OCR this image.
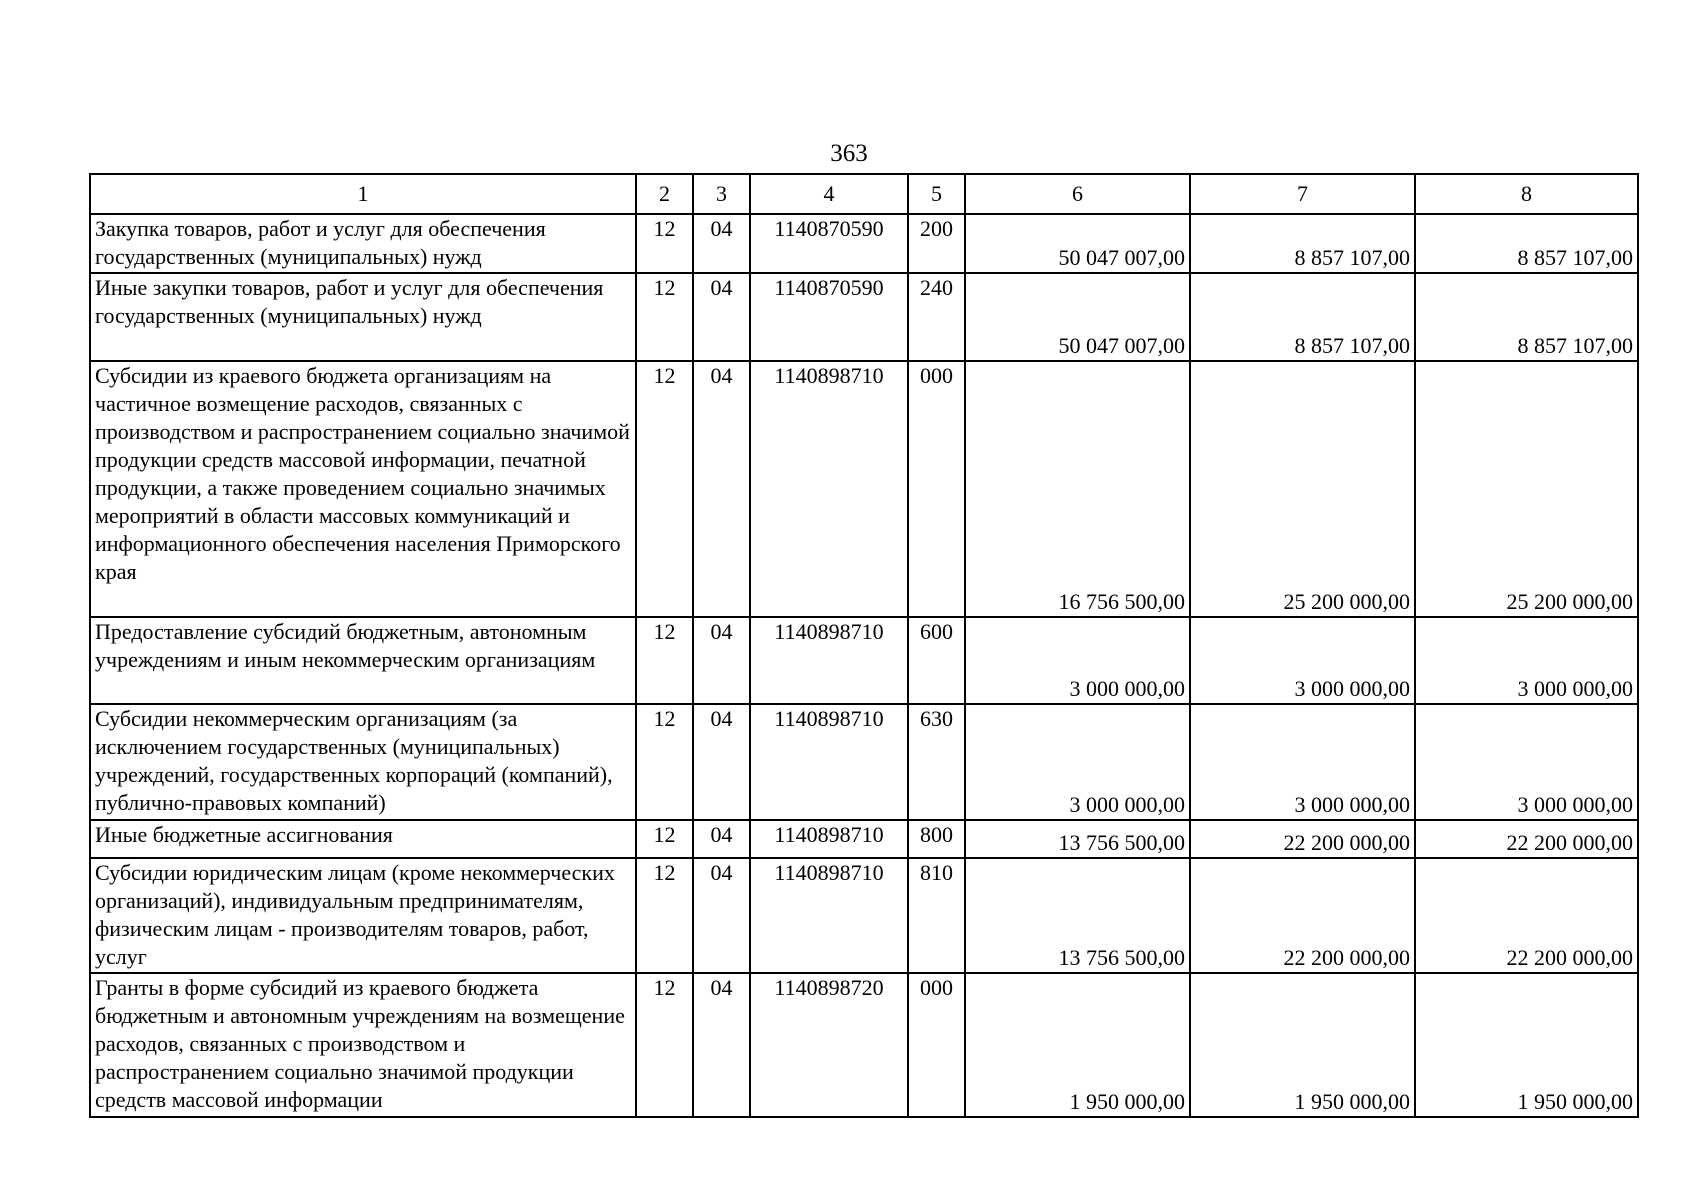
363
1	2	3	4	5	6	7	8
Закупка товаров, работ и услуг для обеспечения государственных (муниципальных) нужд	12	04	1140870590	200	50 047 007,00	8 857 107,00	8 857 107,00
Иные закупки товаров, работ и услуг для обеспечения государственных (муниципальных) нужд	12	04	1140870590	240	50 047 007,00	8 857 107,00	8 857 107,00
Субсидии из краевого бюджета организациям на частичное возмещение расходов, связанных с производством и распространением социально значимой продукции средств массовой информации, печатной продукции, а также проведением социально значимых мероприятий в области массовых коммуникаций и информационного обеспечения населения Приморского края	12	04	1140898710	000	16 756 500,00	25 200 000,00	25 200 000,00
Предоставление субсидий бюджетным, автономным учреждениям и иным некоммерческим организациям	12	04	1140898710	600	3 000 000,00	3 000 000,00	3 000 000,00
Субсидии некоммерческим организациям (за исключением государственных (муниципальных) учреждений, государственных корпораций (компаний), публично-правовых компаний)	12	04	1140898710	630	3 000 000,00	3 000 000,00	3 000 000,00
Иные бюджетные ассигнования	12	04	1140898710	800	13 756 500,00	22 200 000,00	22 200 000,00
Субсидии юридическим лицам (кроме некоммерческих организаций), индивидуальным предпринимателям, физическим лицам - производителям товаров, работ, услуг	12	04	1140898710	810	13 756 500,00	22 200 000,00	22 200 000,00
Гранты в форме субсидий из краевого бюджета бюджетным и автономным учреждениям на возмещение расходов, связанных с производством и распространением социально значимой продукции средств массовой информации	12	04	1140898720	000	1 950 000,00	1 950 000,00	1 950 000,00
